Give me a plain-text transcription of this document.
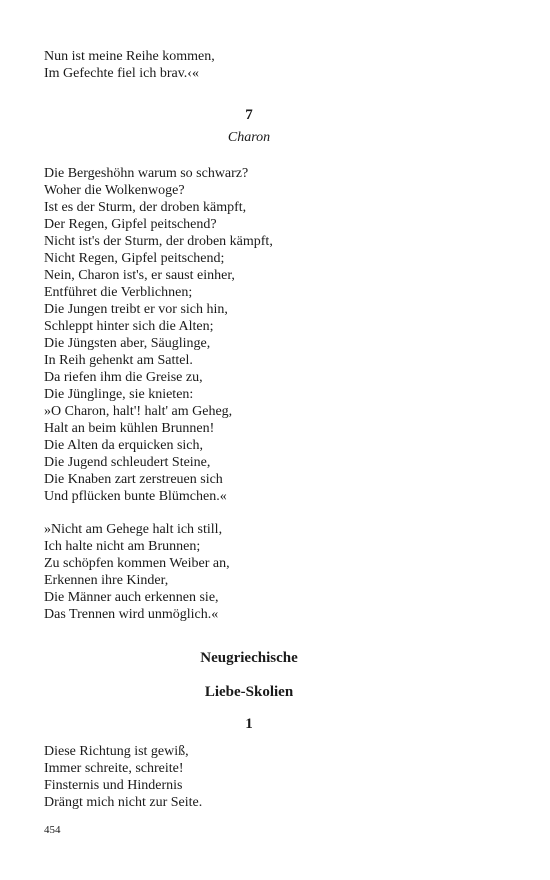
Nun ist meine Reihe kommen,
Im Gefechte fiel ich brav.‹«
7
Charon
Die Bergeshöhn warum so schwarz?
Woher die Wolkenwoge?
Ist es der Sturm, der droben kämpft,
Der Regen, Gipfel peitschend?
Nicht ist's der Sturm, der droben kämpft,
Nicht Regen, Gipfel peitschend;
Nein, Charon ist's, er saust einher,
Entführet die Verblichnen;
Die Jungen treibt er vor sich hin,
Schleppt hinter sich die Alten;
Die Jüngsten aber, Säuglinge,
In Reih gehenkt am Sattel.
Da riefen ihm die Greise zu,
Die Jünglinge, sie knieten:
»O Charon, halt'! halt' am Geheg,
Halt an beim kühlen Brunnen!
Die Alten da erquicken sich,
Die Jugend schleudert Steine,
Die Knaben zart zerstreuen sich
Und pflücken bunte Blümchen.«
»Nicht am Gehege halt ich still,
Ich halte nicht am Brunnen;
Zu schöpfen kommen Weiber an,
Erkennen ihre Kinder,
Die Männer auch erkennen sie,
Das Trennen wird unmöglich.«
Neugriechische
Liebe-Skolien
1
Diese Richtung ist gewiß,
Immer schreite, schreite!
Finsternis und Hindernis
Drängt mich nicht zur Seite.
454
